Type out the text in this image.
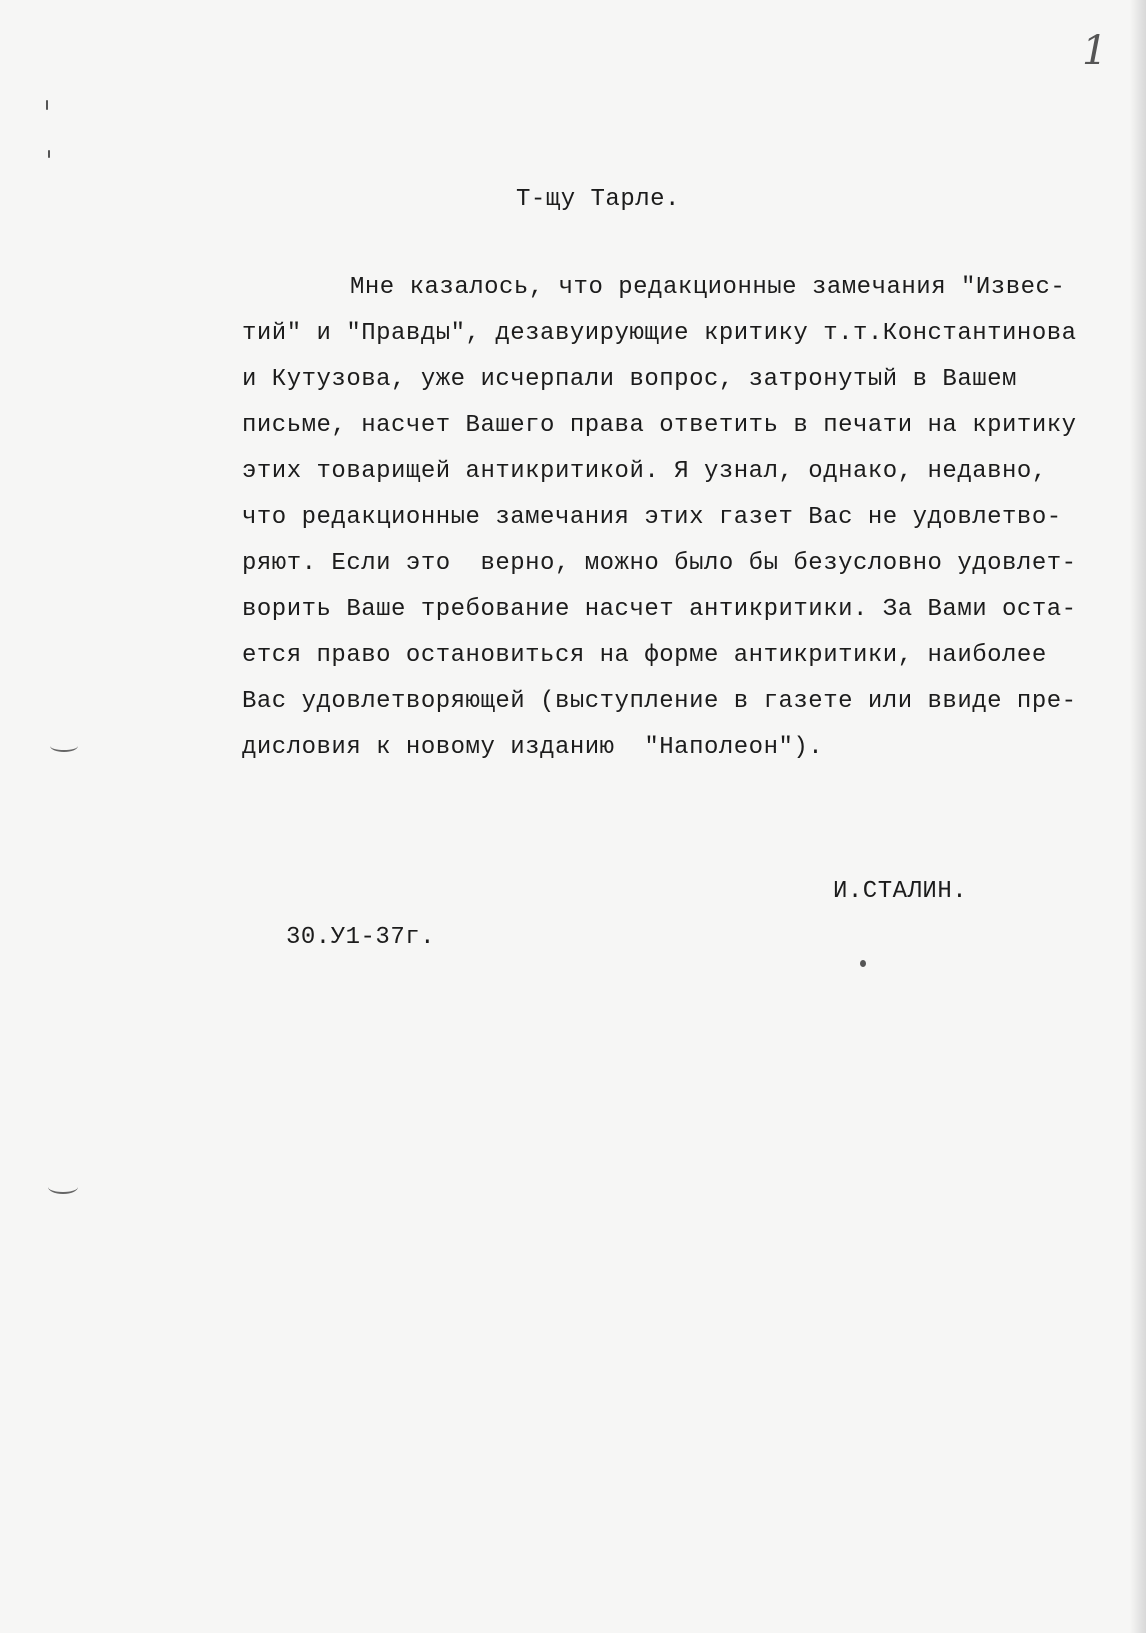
1
Т-щу Тарле.
Мне казалось, что редакционные замечания "Извес-
тий" и "Правды", дезавуирующие критику т.т.Константинова
и Кутузова, уже исчерпали вопрос, затронутый в Вашем
письме, насчет Вашего права ответить в печати на критику
этих товарищей антикритикой. Я узнал, однако, недавно,
что редакционные замечания этих газет Вас не удовлетво-
ряют. Если это  верно, можно было бы безусловно удовлет-
ворить Ваше требование насчет антикритики. За Вами оста-
ется право остановиться на форме антикритики, наиболее
Вас удовлетворяющей (выступление в газете или ввиде пре-
дисловия к новому изданию  "Наполеон").
И.СТАЛИН.
30.У1-37г.
